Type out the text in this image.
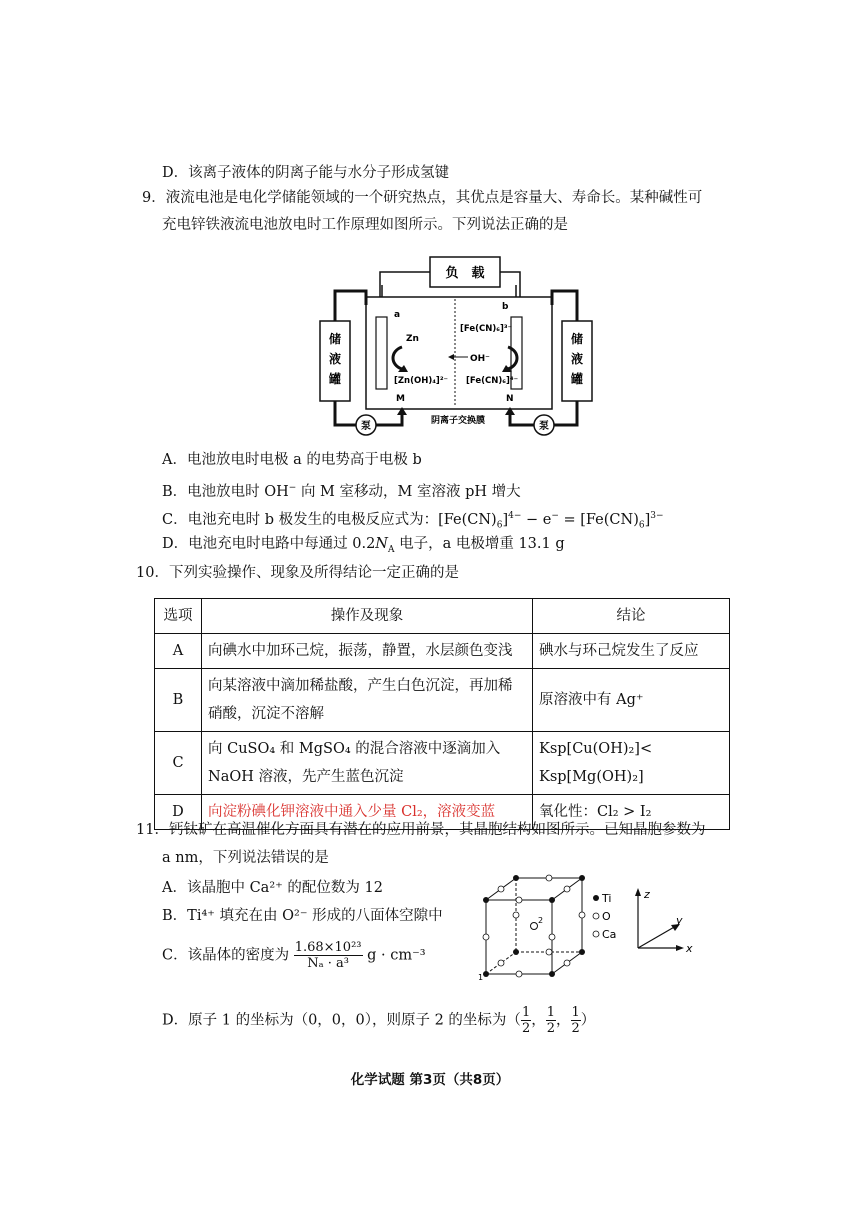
D．该离子液体的阴离子能与水分子形成氢键
9．液流电池是电化学储能领域的一个研究热点，其优点是容量大、寿命长。某种碱性可
充电锌铁液流电池放电时工作原理如图所示。下列说法正确的是
负　载
a
b
Zn
[Zn(OH)₄]²⁻
[Fe(CN)₆]³⁻
[Fe(CN)₆]⁴⁻
OH⁻
M	N
阴离子交换膜
储
液
罐
储
液
罐
泵	泵
A．电池放电时电极 a 的电势高于电极 b
B．电池放电时 OH− 向 M 室移动，M 室溶液 pH 增大
C．电池充电时 b 极发生的电极反应式为：$[Fe(CN)_6]^{4-} - e^- = [Fe(CN)_6]^{3-}$
D．电池充电时电路中每通过 $0.2N_A$ 电子，a 电极增重 13.1 g
10．下列实验操作、现象及所得结论一定正确的是
选项	操作及现象	结论
A	向碘水中加环己烷，振荡，静置，水层颜色变浅	碘水与环己烷发生了反应
B	向某溶液中滴加稀盐酸，产生白色沉淀，再加稀硝酸，沉淀不溶解	原溶液中有 Ag⁺
C	向 CuSO₄ 和 MgSO₄ 的混合溶液中逐滴加入 NaOH 溶液，先产生蓝色沉淀	Ksp[Cu(OH)₂]< Ksp[Mg(OH)₂]
D	向淀粉碘化钾溶液中通入少量 Cl₂，溶液变蓝	氧化性：Cl₂ > I₂
11．钙钛矿在高温催化方面具有潜在的应用前景，其晶胞结构如图所示。已知晶胞参数为
a nm，下列说法错误的是
A．该晶胞中 Ca²⁺ 的配位数为 12
B．Ti⁴⁺ 填充在由 O²⁻ 形成的八面体空隙中
C．该晶体的密度为 $\frac{\text{1.68×10²³}}{\text{Nₐ · a³}}$ g · cm⁻³
D．原子 1 的坐标为（0，0，0），则原子 2 的坐标为（ $\frac{1}{2}$ ， $\frac{1}{2}$ ， $\frac{1}{2}$ ）
2
1
Ti
O
Ca
z
y
x
化学试题 第3页（共8页）
